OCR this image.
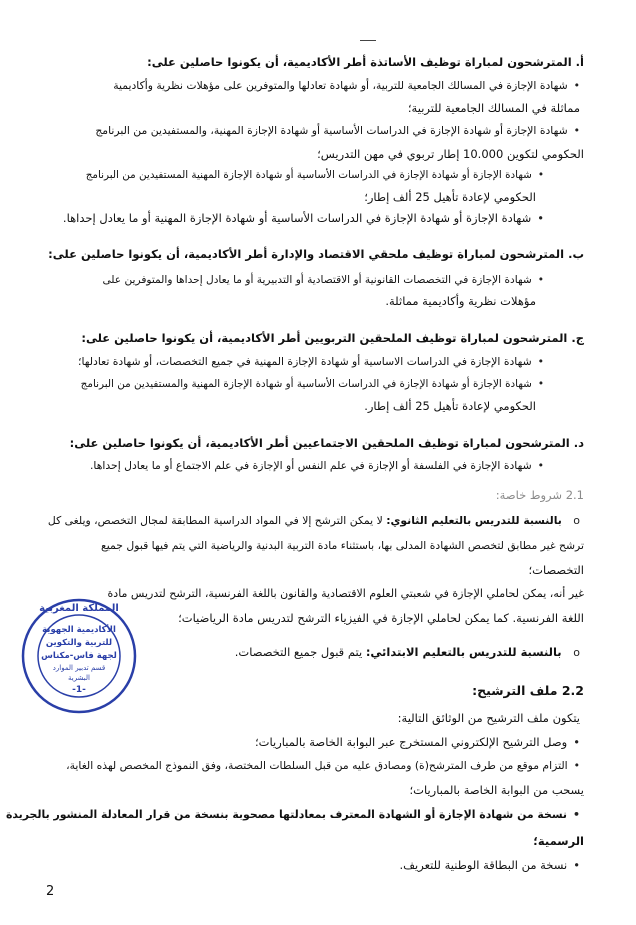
أ. المترشحون لمباراة توظيف الأساتذة أطر الأكاديمية، أن يكونوا حاصلين على:
• شهادة الإجازة في المسالك الجامعية للتربية، أو شهادة تعادلها والمتوفرين على مؤهلات نظرية وأكاديمية
مماثلة في المسالك الجامعية للتربية؛
• شهادة الإجازة أو شهادة الإجازة في الدراسات الأساسية أو شهادة الإجازة المهنية، والمستفيدين من البرنامج
الحكومي لتكوين 10.000 إطار تربوي في مهن التدريس؛
• شهادة الإجازة أو شهادة الإجازة في الدراسات الأساسية أو شهادة الإجازة المهنية المستفيدين من البرنامج
الحكومي لإعادة تأهيل 25 ألف إطار؛
• شهادة الإجازة أو شهادة الإجازة في الدراسات الأساسية أو شهادة الإجازة المهنية أو ما يعادل إحداها.
ب. المترشحون لمباراة توظيف ملحقي الاقتصاد والإدارة أطر الأكاديمية، أن يكونوا حاصلين على:
• شهادة الإجازة في التخصصات القانونية أو الاقتصادية أو التدبيرية أو ما يعادل إحداها والمتوفرين على
مؤهلات نظرية وأكاديمية مماثلة.
ج. المترشحون لمباراة توظيف الملحقين التربويين أطر الأكاديمية، أن يكونوا حاصلين على:
• شهادة الإجازة في الدراسات الاساسية أو شهادة الإجازة المهنية في جميع التخصصات، أو شهادة تعادلها؛
• شهادة الإجازة أو شهادة الإجازة في الدراسات الأساسية أو شهادة الإجازة المهنية والمستفيدين من البرنامج
الحكومي لإعادة تأهيل 25 ألف إطار.
د. المترشحون لمباراة توظيف الملحقين الاجتماعيين أطر الأكاديمية، أن يكونوا حاصلين على:
• شهادة الإجازة في الفلسفة أو الإجازة في علم النفس أو الإجازة في علم الاجتماع أو ما يعادل إحداها.
2.1 شروط خاصة:
o بالنسبة للتدريس بالتعليم الثانوي: لا يمكن الترشح إلا في المواد الدراسية المطابقة لمجال التخصص، ويلغى كل
ترشح غير مطابق لتخصص الشهادة المدلى بها، باستثناء مادة التربية البدنية والرياضية التي يتم فيها قبول جميع
التخصصات؛
غير أنه، يمكن لحاملي الإجازة في شعبتي العلوم الاقتصادية والقانون باللغة الفرنسية، الترشح لتدريس مادة
اللغة الفرنسية. كما يمكن لحاملي الإجازة في الفيزياء الترشح لتدريس مادة الرياضيات؛
o بالنسبة للتدريس بالتعليم الابتدائي: يتم قبول جميع التخصصات.
2.2 ملف الترشيح:
يتكون ملف الترشيح من الوثائق التالية:
• وصل الترشيح الإلكتروني المستخرج عبر البوابة الخاصة بالمباريات؛
• التزام موقع من طرف المترشح(ة) ومصادق عليه من قبل السلطات المختصة، وفق النموذج المخصص لهذه الغاية،
يسحب من البوابة الخاصة بالمباريات؛
• نسخة من شهادة الإجازة أو الشهادة المعترف بمعادلتها مصحوبة بنسخة من قرار المعادلة المنشور بالجريدة
الرسمية؛
• نسخة من البطاقة الوطنية للتعريف.
المملكة المغربية
الأكاديمية الجهوية
للتربية والتكوين
لجهة فاس-مكناس
قسم تدبير الموارد
البشرية
-1-
2
